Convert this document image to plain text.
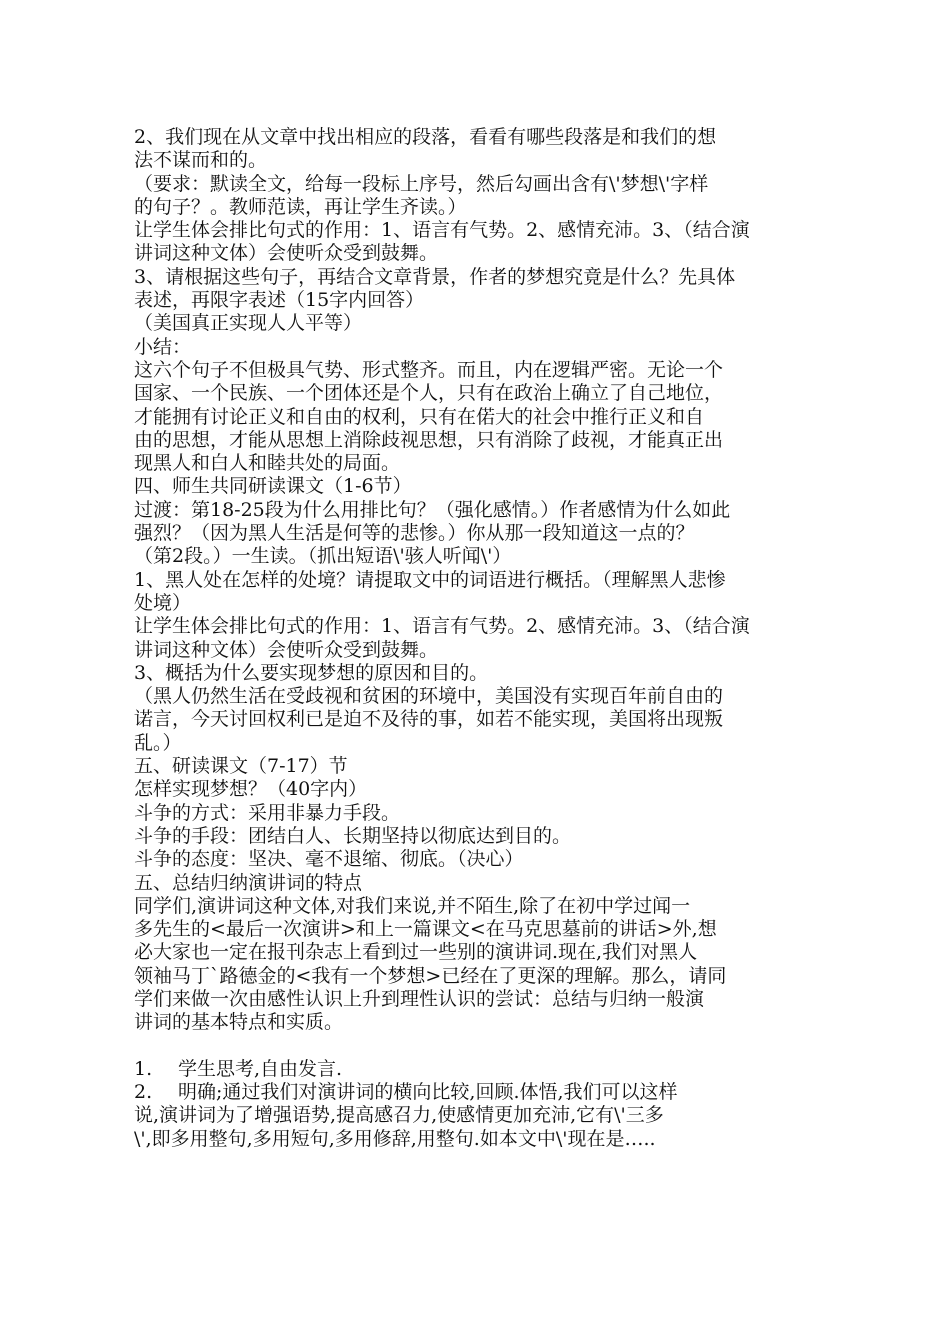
2、我们现在从文章中找出相应的段落，看看有哪些段落是和我们的想
法不谋而和的。
（要求：默读全文，给每一段标上序号，然后勾画出含有\'梦想\'字样
的句子？。教师范读，再让学生齐读。）
让学生体会排比句式的作用：1、语言有气势。2、感情充沛。3、（结合演
讲词这种文体）会使听众受到鼓舞。
3、请根据这些句子，再结合文章背景，作者的梦想究竟是什么？先具体
表述，再限字表述（15字内回答）
（美国真正实现人人平等）
小结：
这六个句子不但极具气势、形式整齐。而且，内在逻辑严密。无论一个
国家、一个民族、一个团体还是个人，只有在政治上确立了自己地位，
才能拥有讨论正义和自由的权利，只有在偌大的社会中推行正义和自
由的思想，才能从思想上消除歧视思想，只有消除了歧视，才能真正出
现黑人和白人和睦共处的局面。
四、师生共同研读课文（1-6节）
过渡：第18-25段为什么用排比句？（强化感情。）作者感情为什么如此
强烈？（因为黑人生活是何等的悲惨。）你从那一段知道这一点的？
（第2段。）一生读。（抓出短语\'骇人听闻\'）
1、黑人处在怎样的处境？请提取文中的词语进行概括。（理解黑人悲惨
处境）
让学生体会排比句式的作用：1、语言有气势。2、感情充沛。3、（结合演
讲词这种文体）会使听众受到鼓舞。
3、概括为什么要实现梦想的原因和目的。
（黑人仍然生活在受歧视和贫困的环境中，美国没有实现百年前自由的
诺言，今天讨回权利已是迫不及待的事，如若不能实现，美国将出现叛
乱。）
五、研读课文（7-17）节
怎样实现梦想？（40字内）
斗争的方式：采用非暴力手段。
斗争的手段：团结白人、长期坚持以彻底达到目的。
斗争的态度：坚决、毫不退缩、彻底。（决心）
五、总结归纳演讲词的特点
同学们,演讲词这种文体,对我们来说,并不陌生,除了在初中学过闻一
多先生的<最后一次演讲>和上一篇课文<在马克思墓前的讲话>外,想
必大家也一定在报刊杂志上看到过一些别的演讲词.现在,我们对黑人
领袖马丁`路德金的<我有一个梦想>已经在了更深的理解。那么，请同
学们来做一次由感性认识上升到理性认识的尝试：总结与归纳一般演
讲词的基本特点和实质。
1. 学生思考,自由发言.
2. 明确;通过我们对演讲词的横向比较,回顾.体悟,我们可以这样
说,演讲词为了增强语势,提高感召力,使感情更加充沛,它有\'三多
\',即多用整句,多用短句,多用修辞,用整句.如本文中\'现在是…..
